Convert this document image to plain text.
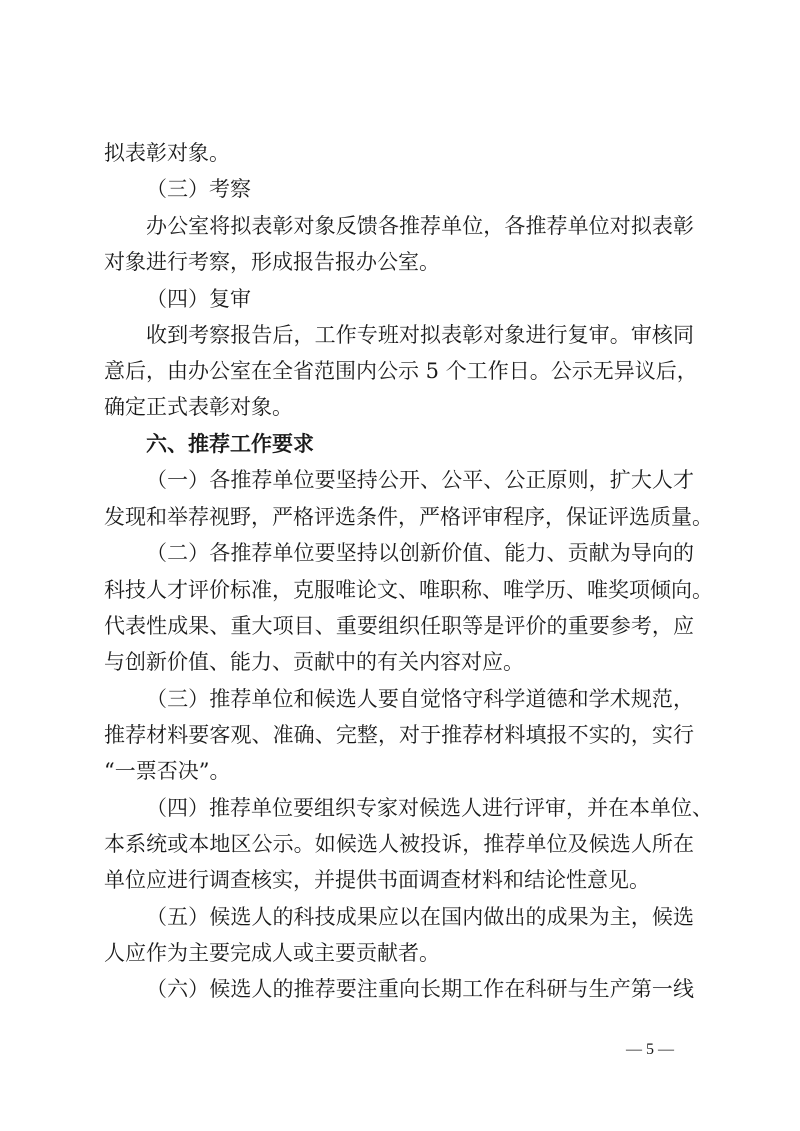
拟表彰对象。
（三）考察
办公室将拟表彰对象反馈各推荐单位，各推荐单位对拟表彰
对象进行考察，形成报告报办公室。
（四）复审
收到考察报告后，工作专班对拟表彰对象进行复审。审核同
意后，由办公室在全省范围内公示 5 个工作日。公示无异议后，
确定正式表彰对象。
六、推荐工作要求
（一）各推荐单位要坚持公开、公平、公正原则，扩大人才
发现和举荐视野，严格评选条件，严格评审程序，保证评选质量。
（二）各推荐单位要坚持以创新价值、能力、贡献为导向的
科技人才评价标准，克服唯论文、唯职称、唯学历、唯奖项倾向。
代表性成果、重大项目、重要组织任职等是评价的重要参考，应
与创新价值、能力、贡献中的有关内容对应。
（三）推荐单位和候选人要自觉恪守科学道德和学术规范，
推荐材料要客观、准确、完整，对于推荐材料填报不实的，实行
“一票否决”。
（四）推荐单位要组织专家对候选人进行评审，并在本单位、
本系统或本地区公示。如候选人被投诉，推荐单位及候选人所在
单位应进行调查核实，并提供书面调查材料和结论性意见。
（五）候选人的科技成果应以在国内做出的成果为主，候选
人应作为主要完成人或主要贡献者。
（六）候选人的推荐要注重向长期工作在科研与生产第一线
— 5 —
